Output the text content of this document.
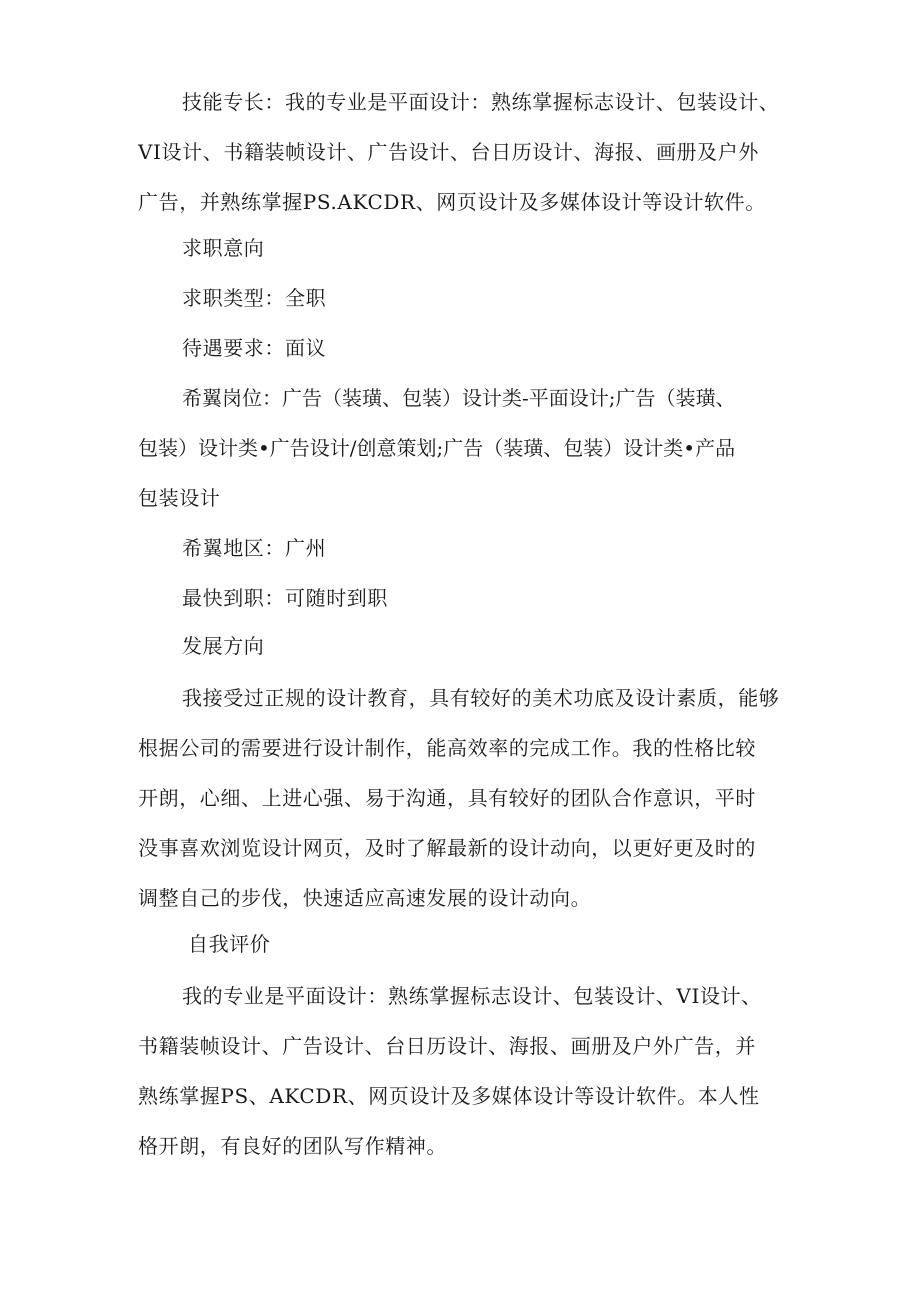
技能专长：我的专业是平面设计：熟练掌握标志设计、包装设计、
VI设计、书籍装帧设计、广告设计、台日历设计、海报、画册及户外
广告，并熟练掌握PS.AKCDR、网页设计及多媒体设计等设计软件。
求职意向
求职类型：全职
待遇要求：面议
希翼岗位：广告（装璜、包装）设计类-平面设计;广告（装璜、
包装）设计类•广告设计/创意策划;广告（装璜、包装）设计类•产品
包装设计
希翼地区：广州
最快到职：可随时到职
发展方向
我接受过正规的设计教育，具有较好的美术功底及设计素质，能够
根据公司的需要进行设计制作，能高效率的完成工作。我的性格比较
开朗，心细、上进心强、易于沟通，具有较好的团队合作意识，平时
没事喜欢浏览设计网页，及时了解最新的设计动向，以更好更及时的
调整自己的步伐，快速适应高速发展的设计动向。
自我评价
我的专业是平面设计：熟练掌握标志设计、包装设计、VI设计、
书籍装帧设计、广告设计、台日历设计、海报、画册及户外广告，并
熟练掌握PS、AKCDR、网页设计及多媒体设计等设计软件。本人性
格开朗，有良好的团队写作精神。
